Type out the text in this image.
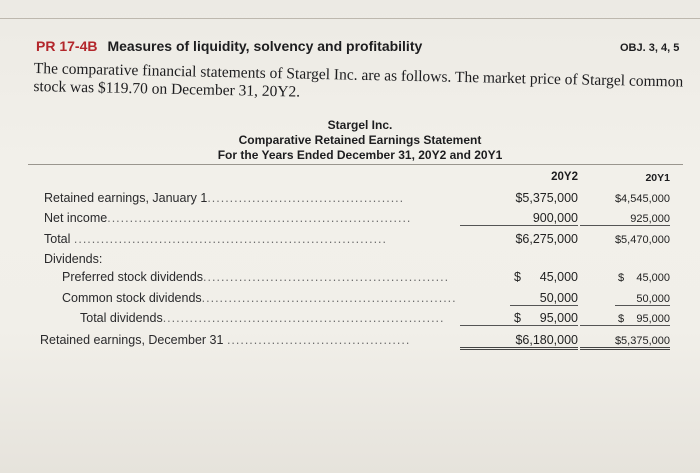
PR 17-4B Measures of liquidity, solvency and profitability	OBJ. 3, 4, 5
The comparative financial statements of Stargel Inc. are as follows. The market price of Stargel common stock was $119.70 on December 31, 20Y2.
Stargel Inc.
Comparative Retained Earnings Statement
For the Years Ended December 31, 20Y2 and 20Y1
20Y2	20Y1
Retained earnings, January 1............................................	$5,375,000	$4,545,000
Net income....................................................................	900,000	925,000
Total ......................................................................	$6,275,000	$5,470,000
Dividends:
Preferred stock dividends.......................................................	$ 45,000	$ 45,000
Common stock dividends.........................................................	50,000	50,000
Total dividends...............................................................	$ 95,000	$ 95,000
Retained earnings, December 31 .........................................	$6,180,000	$5,375,000
